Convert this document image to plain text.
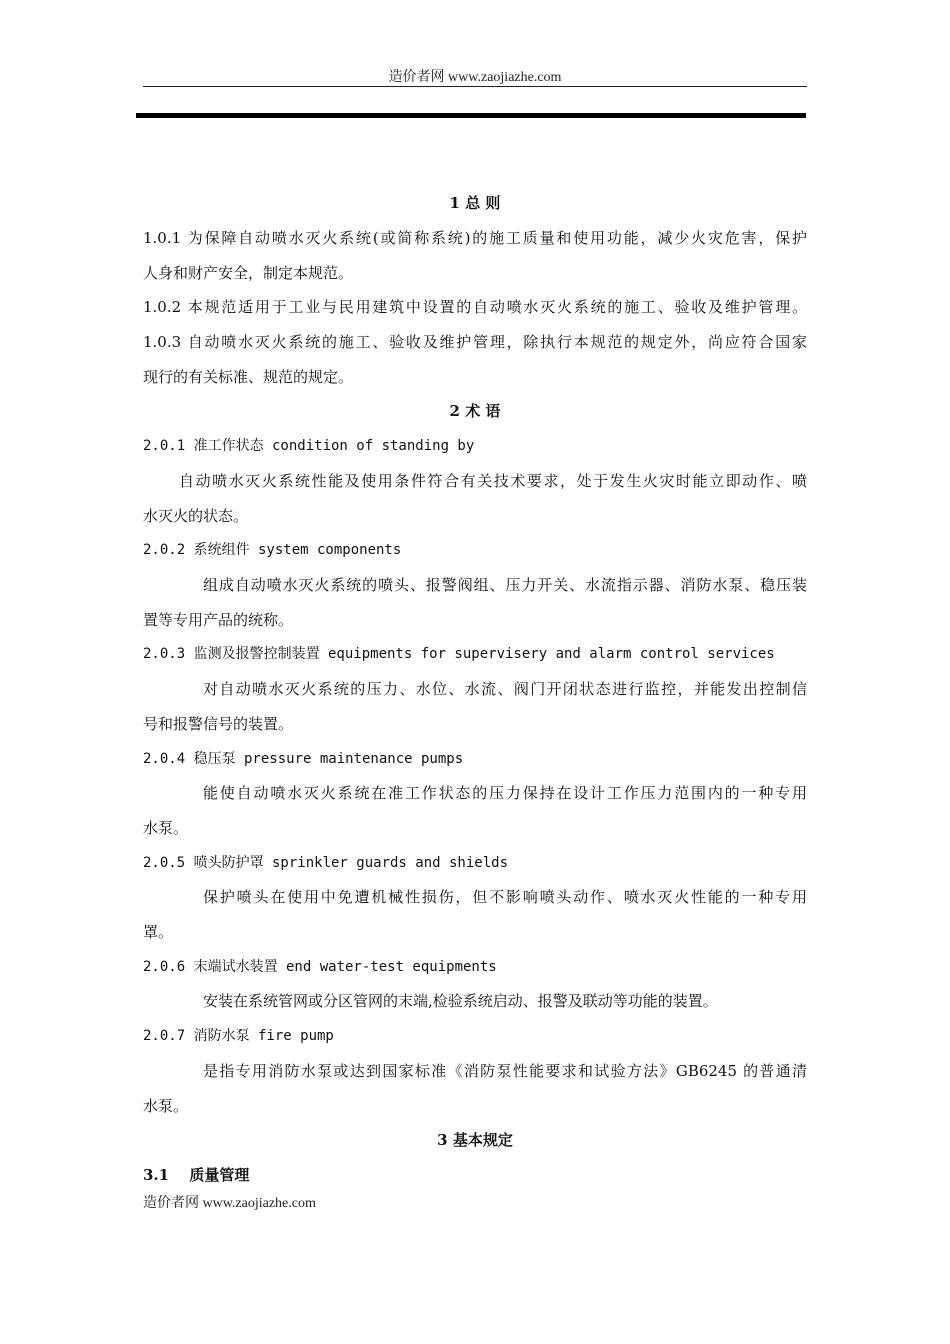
造价者网 www.zaojiazhe.com
1 总 则
1.0.1 为保障自动喷水灭火系统(或简称系统)的施工质量和使用功能，减少火灾危害，保护
人身和财产安全，制定本规范。
1.0.2 本规范适用于工业与民用建筑中设置的自动喷水灭火系统的施工、验收及维护管理。
1.0.3 自动喷水灭火系统的施工、验收及维护管理，除执行本规范的规定外，尚应符合国家
现行的有关标准、规范的规定。
2 术 语
2.0.1 准工作状态 condition of standing by
自动喷水灭火系统性能及使用条件符合有关技术要求，处于发生火灾时能立即动作、喷
水灭火的状态。
2.0.2 系统组件 system components
组成自动喷水灭火系统的喷头、报警阀组、压力开关、水流指示器、消防水泵、稳压装
置等专用产品的统称。
2.0.3 监测及报警控制装置 equipments for supervisery and alarm control services
对自动喷水灭火系统的压力、水位、水流、阀门开闭状态进行监控，并能发出控制信
号和报警信号的装置。
2.0.4 稳压泵 pressure maintenance pumps
能使自动喷水灭火系统在准工作状态的压力保持在设计工作压力范围内的一种专用
水泵。
2.0.5 喷头防护罩 sprinkler guards and shields
保护喷头在使用中免遭机械性损伤，但不影响喷头动作、喷水灭火性能的一种专用
罩。
2.0.6 末端试水装置 end water-test equipments
安装在系统管网或分区管网的末端,检验系统启动、报警及联动等功能的装置。
2.0.7 消防水泵 fire pump
是指专用消防水泵或达到国家标准《消防泵性能要求和试验方法》GB6245 的普通清
水泵。
3 基本规定
3.1　 质量管理
造价者网 www.zaojiazhe.com
